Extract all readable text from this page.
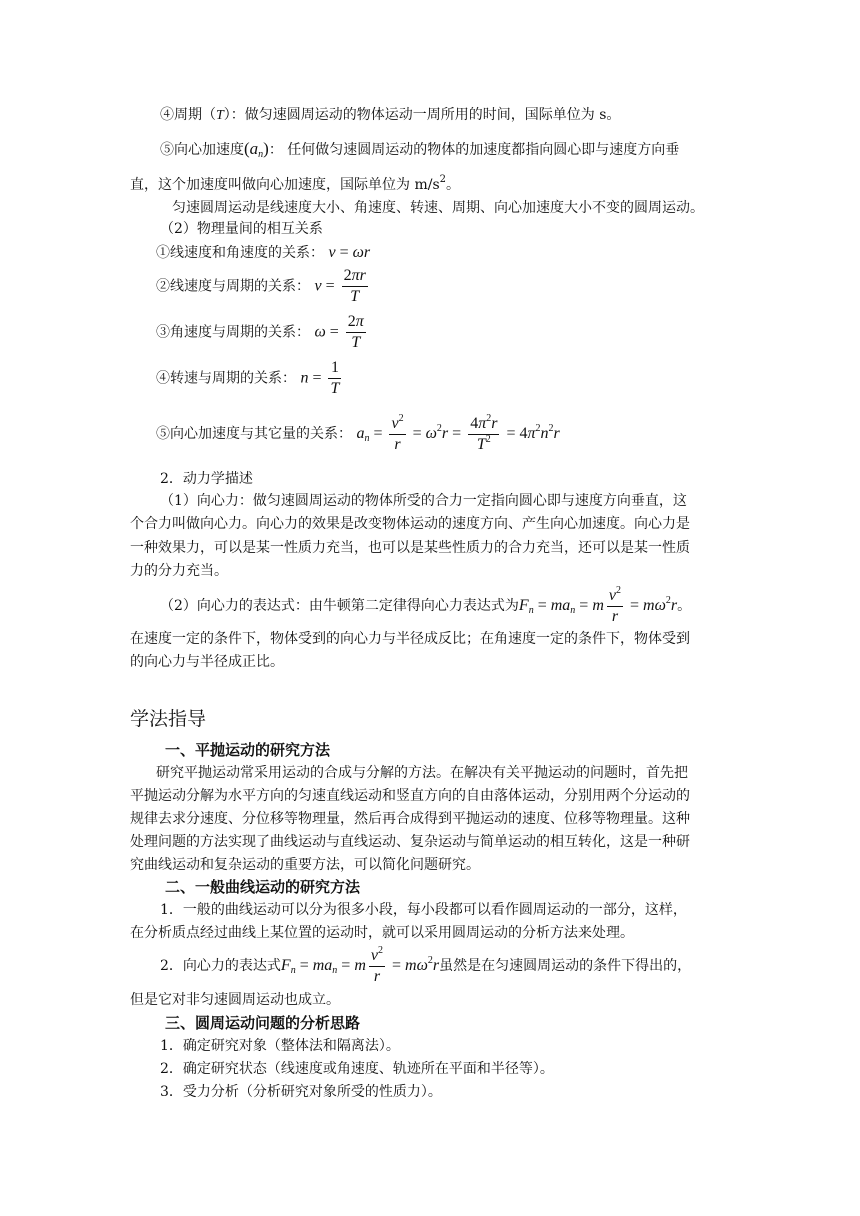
④周期（T）：做匀速圆周运动的物体运动一周所用的时间，国际单位为 s。
⑤向心加速度$(a_n)$： 任何做匀速圆周运动的物体的加速度都指向圆心即与速度方向垂
直，这个加速度叫做向心加速度，国际单位为 $m/s^2$。
匀速圆周运动是线速度大小、角速度、转速、周期、向心加速度大小不变的圆周运动。
（2）物理量间的相互关系
①线速度和角速度的关系： v = ωr
②线速度与周期的关系： $v = \frac{2\pi r}{T}$
③角速度与周期的关系： $\omega = \frac{2\pi}{T}$
④转速与周期的关系： $n = \frac{1}{T}$
⑤向心加速度与其它量的关系： $a_n = \frac{v^2}{r} = \omega^2r = \frac{4\pi^2r}{T^2} = 4\pi^2n^2r$
2．动力学描述
（1）向心力：做匀速圆周运动的物体所受的合力一定指向圆心即与速度方向垂直，这
个合力叫做向心力。向心力的效果是改变物体运动的速度方向、产生向心加速度。向心力是
一种效果力，可以是某一性质力充当，也可以是某些性质力的合力充当，还可以是某一性质
力的分力充当。
（2）向心力的表达式：由牛顿第二定律得向心力表达式为$F_n = ma_n = m \frac{v^2}{r} = m\omega^2r$。
在速度一定的条件下，物体受到的向心力与半径成反比；在角速度一定的条件下，物体受到
的向心力与半径成正比。
学法指导
一、平抛运动的研究方法
研究平抛运动常采用运动的合成与分解的方法。在解决有关平抛运动的问题时，首先把
平抛运动分解为水平方向的匀速直线运动和竖直方向的自由落体运动，分别用两个分运动的
规律去求分速度、分位移等物理量，然后再合成得到平抛运动的速度、位移等物理量。这种
处理问题的方法实现了曲线运动与直线运动、复杂运动与简单运动的相互转化，这是一种研
究曲线运动和复杂运动的重要方法，可以简化问题研究。
二、一般曲线运动的研究方法
1．一般的曲线运动可以分为很多小段，每小段都可以看作圆周运动的一部分，这样，
在分析质点经过曲线上某位置的运动时，就可以采用圆周运动的分析方法来处理。
2．向心力的表达式$F_n = ma_n = m \frac{v^2}{r} = m\omega^2r$虽然是在匀速圆周运动的条件下得出的，
但是它对非匀速圆周运动也成立。
三、圆周运动问题的分析思路
1．确定研究对象（整体法和隔离法）。
2．确定研究状态（线速度或角速度、轨迹所在平面和半径等）。
3．受力分析（分析研究对象所受的性质力）。
